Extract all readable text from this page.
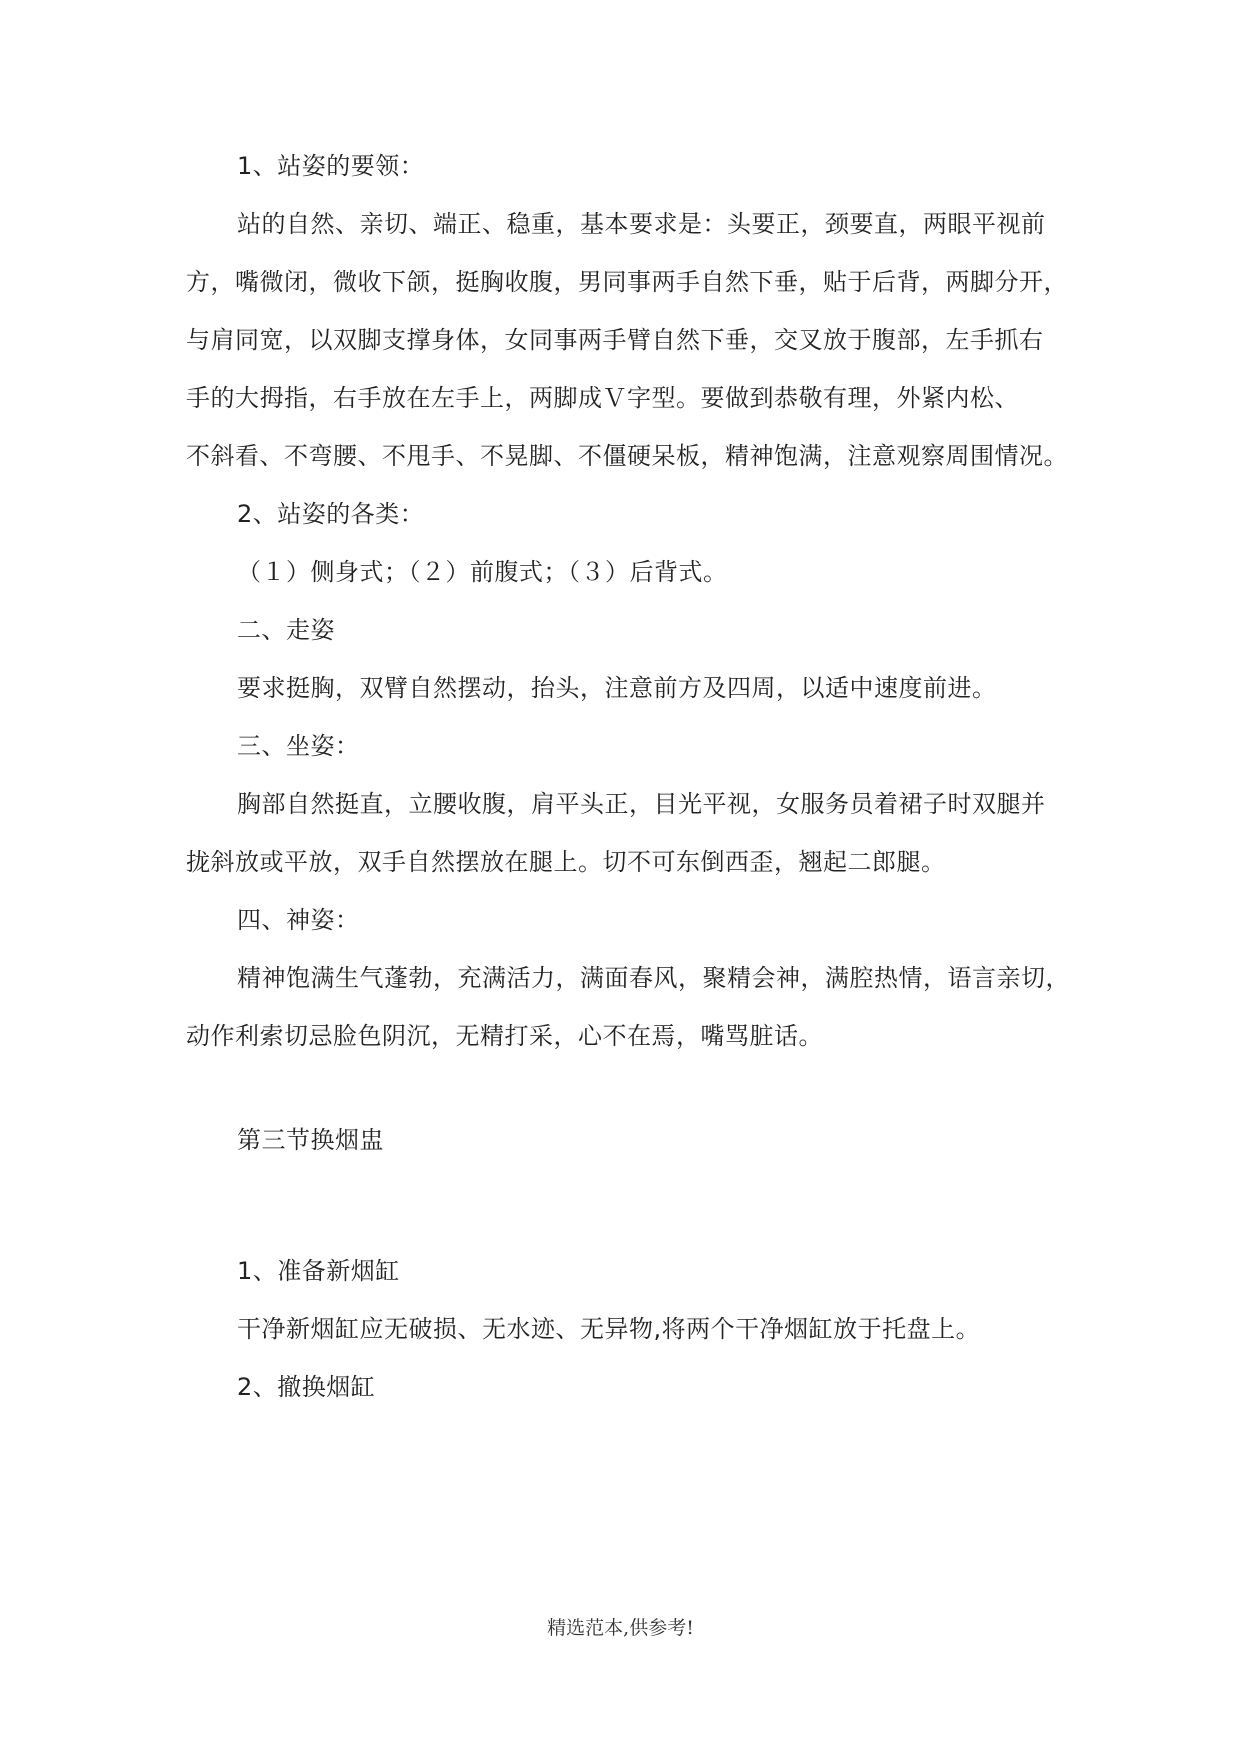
1、站姿的要领：
站的自然、亲切、端正、稳重，基本要求是：头要正，颈要直，两眼平视前
方，嘴微闭，微收下颌，挺胸收腹，男同事两手自然下垂，贴于后背，两脚分开，
与肩同宽，以双脚支撑身体，女同事两手臂自然下垂，交叉放于腹部，左手抓右
手的大拇指，右手放在左手上，两脚成Ｖ字型。要做到恭敬有理，外紧内松、
不斜看、不弯腰、不甩手、不晃脚、不僵硬呆板，精神饱满，注意观察周围情况。
2、站姿的各类：
（１）侧身式；（２）前腹式；（３）后背式。
二、走姿
要求挺胸，双臂自然摆动，抬头，注意前方及四周，以适中速度前进。
三、坐姿：
胸部自然挺直，立腰收腹，肩平头正，目光平视，女服务员着裙子时双腿并
拢斜放或平放，双手自然摆放在腿上。切不可东倒西歪，翘起二郎腿。
四、神姿：
精神饱满生气蓬勃，充满活力，满面春风，聚精会神，满腔热情，语言亲切，
动作利索切忌脸色阴沉，无精打采，心不在焉，嘴骂脏话。
第三节换烟盅
1、准备新烟缸
干净新烟缸应无破损、无水迹、无异物,将两个干净烟缸放于托盘上。
2、撤换烟缸
精选范本,供参考!
